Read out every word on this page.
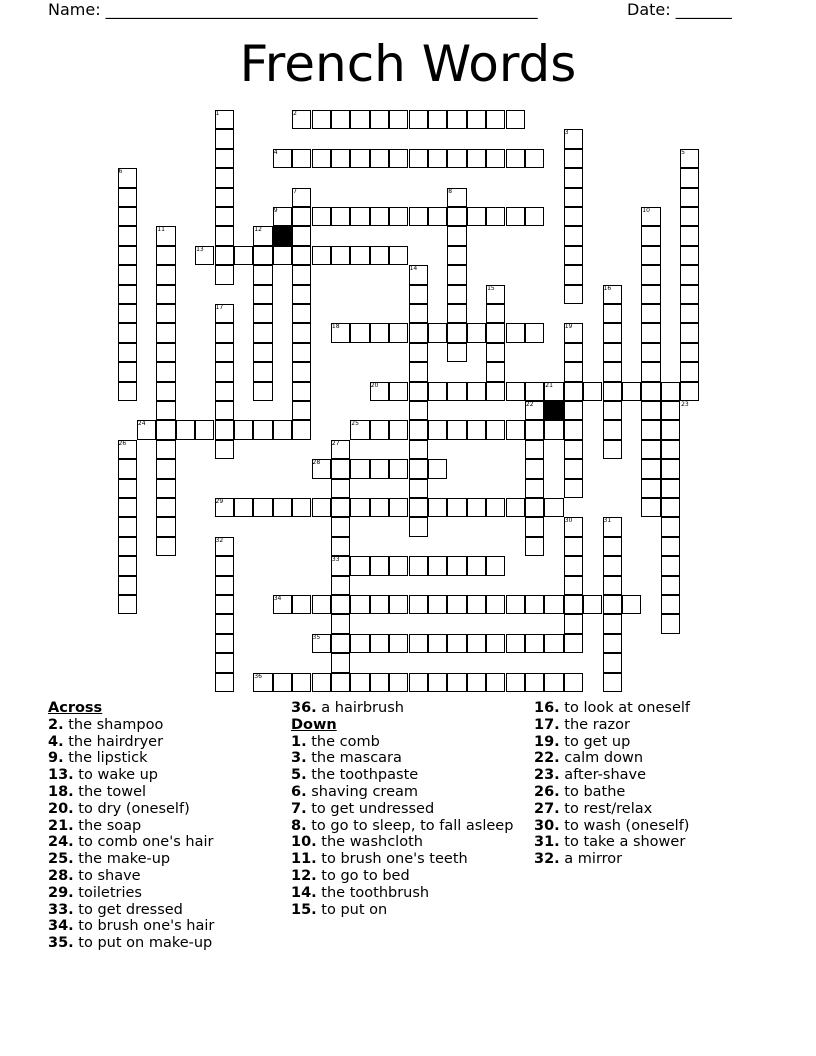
Name: ______________________________________________________	Date: _______
French Words
1	2
3
4	5
6
7	8
9	10
11	12
13
14
15	16
17
18	19
20	21
22	23
24	25
26	27
28
29
30	31
32
33
34
35
36
Across
2. the shampoo
4. the hairdryer
9. the lipstick
13. to wake up
18. the towel
20. to dry (oneself)
21. the soap
24. to comb one's hair
25. the make-up
28. to shave
29. toiletries
33. to get dressed
34. to brush one's hair
35. to put on make-up
36. a hairbrush
Down
1. the comb
3. the mascara
5. the toothpaste
6. shaving cream
7. to get undressed
8. to go to sleep, to fall asleep
10. the washcloth
11. to brush one's teeth
12. to go to bed
14. the toothbrush
15. to put on
16. to look at oneself
17. the razor
19. to get up
22. calm down
23. after-shave
26. to bathe
27. to rest/relax
30. to wash (oneself)
31. to take a shower
32. a mirror
